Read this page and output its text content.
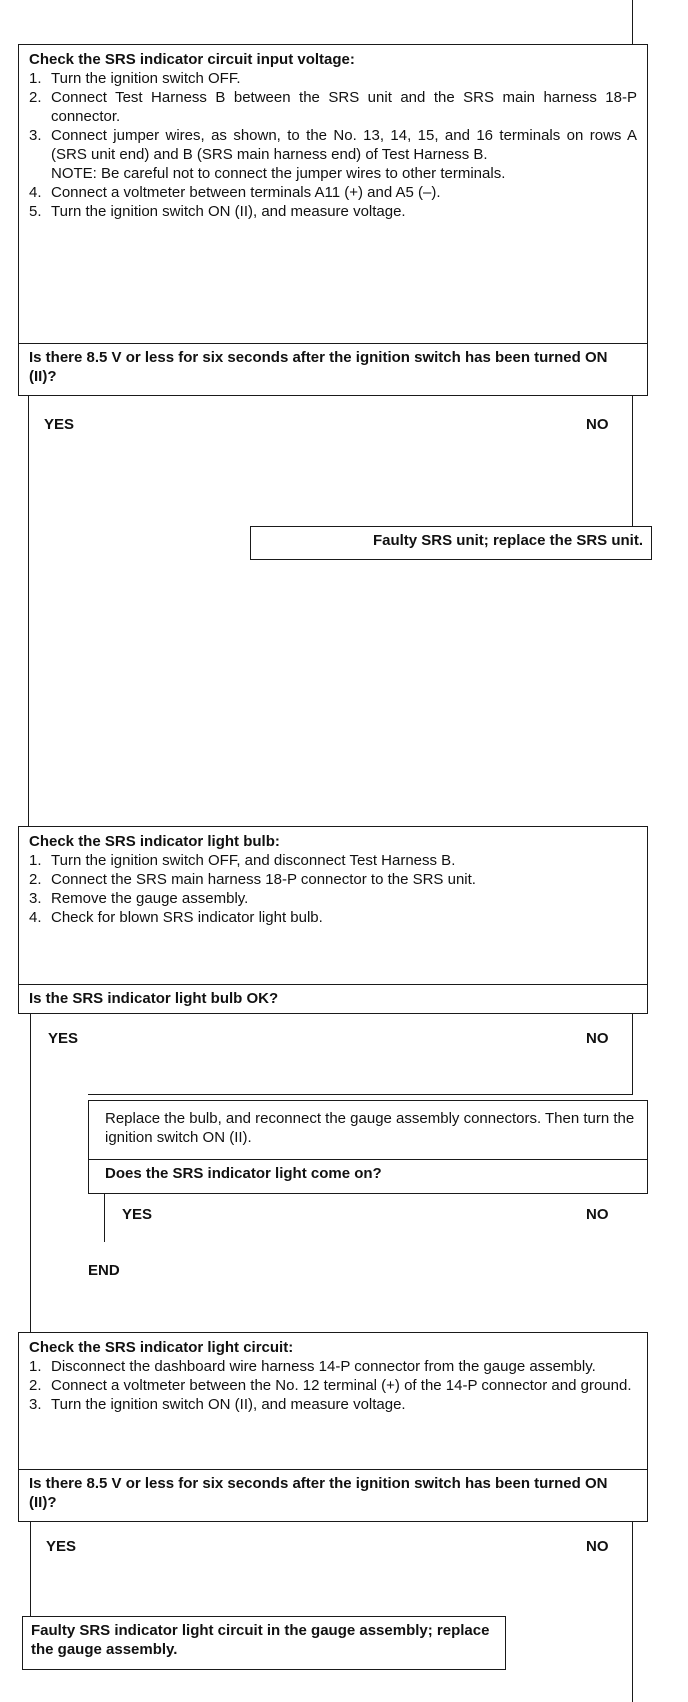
Check the SRS indicator circuit input voltage:
1. Turn the ignition switch OFF.
2. Connect Test Harness B between the SRS unit and the SRS main harness 18-P connector.
3. Connect jumper wires, as shown, to the No. 13, 14, 15, and 16 terminals on rows A (SRS unit end) and B (SRS main harness end) of Test Harness B.
NOTE: Be careful not to connect the jumper wires to other terminals.
4. Connect a voltmeter between terminals A11 (+) and A5 (–).
5. Turn the ignition switch ON (II), and measure voltage.
Is there 8.5 V or less for six seconds after the ignition switch has been turned ON (II)?
YES	NO
Faulty SRS unit; replace the SRS unit.
Check the SRS indicator light bulb:
1. Turn the ignition switch OFF, and disconnect Test Harness B.
2. Connect the SRS main harness 18-P connector to the SRS unit.
3. Remove the gauge assembly.
4. Check for blown SRS indicator light bulb.
Is the SRS indicator light bulb OK?
YES	NO
Replace the bulb, and reconnect the gauge assembly connectors. Then turn the ignition switch ON (II).
Does the SRS indicator light come on?
YES	NO
END
Check the SRS indicator light circuit:
1. Disconnect the dashboard wire harness 14-P connector from the gauge assembly.
2. Connect a voltmeter between the No. 12 terminal (+) of the 14-P connector and ground.
3. Turn the ignition switch ON (II), and measure voltage.
Is there 8.5 V or less for six seconds after the ignition switch has been turned ON (II)?
YES	NO
Faulty SRS indicator light circuit in the gauge assembly; replace the gauge assembly.
